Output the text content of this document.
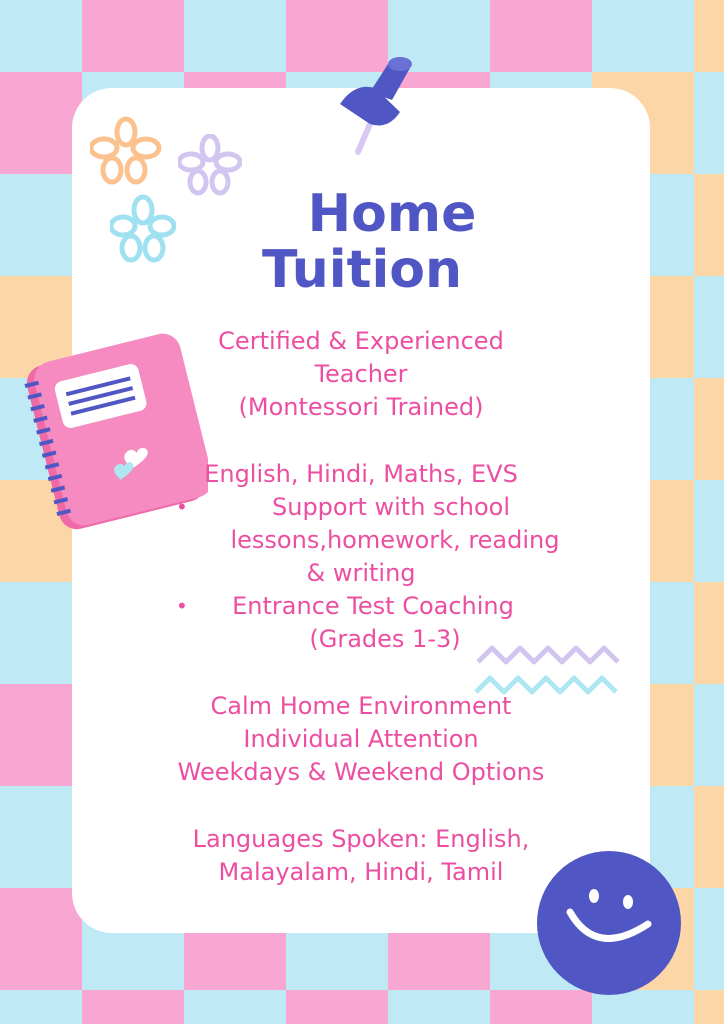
Home
Tuition
Certified & Experienced
Teacher
(Montessori Trained)
English, Hindi, Maths, EVS
•	Support with school
lessons,homework, reading
& writing
•	Entrance Test Coaching
(Grades 1-3)
Calm Home Environment
Individual Attention
Weekdays & Weekend Options
Languages Spoken: English,
Malayalam, Hindi, Tamil
